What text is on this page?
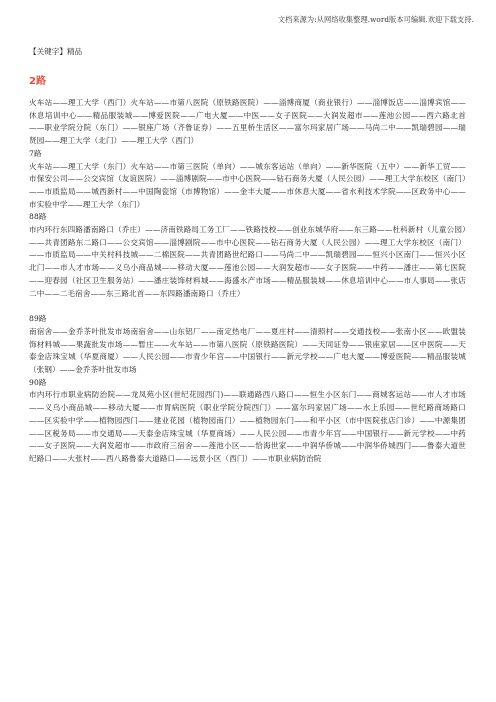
文档来源为:从网络收集整理.word版本可编辑.欢迎下载支持.
【关键字】精品
2路
火车站——理工大学（西门）火车站——市第八医院（原铁路医院）——淄博商厦（商业银行）——淄博饭店——淄博宾馆——休息培训中心——精品服装城——博爱医院——广电大厦——中医——女子医院——大润发超市——莲池公园——西六路北首——职业学院分院（东门）——银座广场（齐鲁证券）——五里桥生活区——富尔玛家居广场——马尚二中——凯瑞碧园——瑞贤园——理工大学（北门）——理工大学（西门）
7路
火车站——理工大学（东门）火车站——市第三医院（单向）——城东客运站（单向）——新华医院（五中）——新华工贸——市保安公司——公交宾馆（友谊医院）——淄博剧院——市中心医院——钻石商务大厦（人民公园）——理工大学东校区（南门）——市质监局——城西新村——中国陶瓷馆（市博物馆）——金丰大厦——市休息大厦——省水利技术学院——区政务中心——市实验中学——理工大学（东门）
88路
市内环行东四路潘南路口（乔庄）——济南铁路局工务工厂——铁路技校——创业东城华府——东三路——杜科新村（儿童公园）——共青团路东二路口——公交宾馆——淄博剧院——市中心医院——钻石商务大厦（人民公园）——理工大学东校区（南门）——市质监局——中关村科技城——二棉医院——共青团路世纪路口——马尚二中——凯瑞碧园——恒兴小区南门——恒兴小区北门——市人才市场——义乌小商品城——移动大厦——莲池公园——大润发超市——女子医院——中药——潘庄——第七医院——迎春园（社区卫生服务站）——潘庄装饰材料城——海盛水产市场——精品服装城——休息培训中心——市人事局——张店二中——二毛宿舍——东三路北首——东四路潘南路口（乔庄）
89路
南宿舍——金乔茶叶批发市场南宿舍——山东铝厂——南定热电厂——夏庄村——清照村——交通技校——张南小区——欧盟装饰材料城——果蔬批发市场——暂庄——火车站——市第八医院（原铁路医院）——天同证券——银座家居——区中医院——天泰金店珠宝城（华夏商厦）——人民公园——市青少年宫——中国银行——新元学校——广电大厦——博爱医院——精品服装城（张钢）——金乔茶叶批发市场
90路
市内环行市职业病防治院——龙凤苑小区(世纪花园西门)——联通路西八路口——恒生小区东门——商城客运站——市人才市场——义乌小商品城——移动大厦——市胃病医院（职业学院分院西门）——富尔玛家居广场——水上乐园——世纪路商场路口——区实验中学——植物园西门——建业花园（植物园南门）——植物园东门——和平小区（市中医院张店门诊）——中源集团——区税务局——市交通局——天泰金店珠宝城（华夏商场）——人民公园——市青少年宫——中国银行——新元学校——中药——女子医院——大润发超市——市政府三宿舍——莲池小区——恰海世家——中润华侨城——中润华侨城西门——鲁泰大道世纪路口——大张村——西八路鲁泰大道路口——远景小区（西门）——市职业病防治院
